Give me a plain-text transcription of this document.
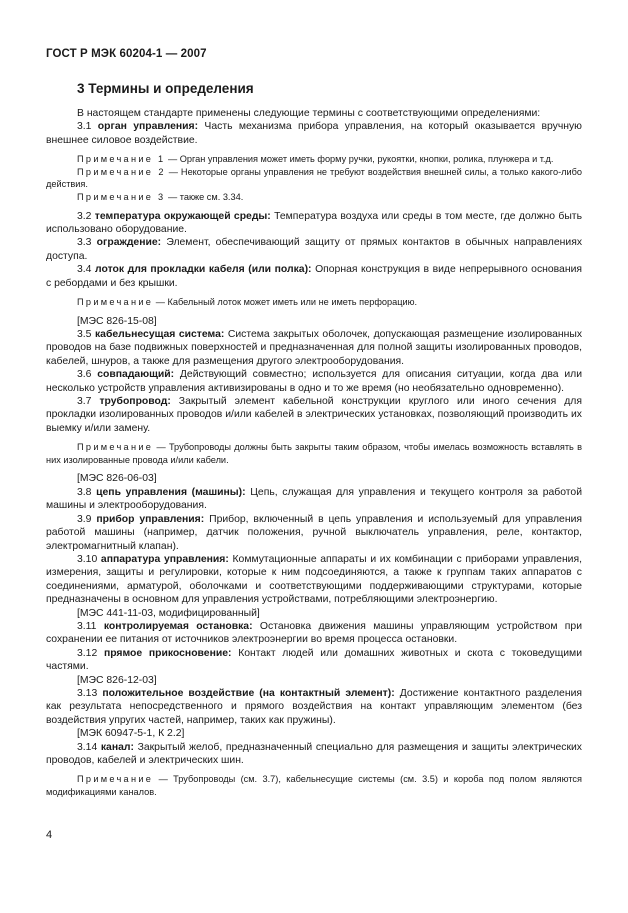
ГОСТ Р МЭК 60204-1 — 2007
3 Термины и определения

В настоящем стандарте применены следующие термины с соответствующими определениями:

3.1 орган управления: Часть механизма прибора управления, на который оказывается вручную внешнее силовое воздействие.

Примечание 1 — Орган управления может иметь форму ручки, рукоятки, кнопки, ролика, плунжера и т.д.

Примечание 2 — Некоторые органы управления не требуют воздействия внешней силы, а только какого-либо действия.

Примечание 3 — также см. 3.34.

3.2 температура окружающей среды: Температура воздуха или среды в том месте, где должно быть использовано оборудование.

3.3 ограждение: Элемент, обеспечивающий защиту от прямых контактов в обычных направлениях доступа.

3.4 лоток для прокладки кабеля (или полка): Опорная конструкция в виде непрерывного основания с ребордами и без крышки.

Примечание — Кабельный лоток может иметь или не иметь перфорацию.

[МЭС 826-15-08]

3.5 кабельнесущая система: Система закрытых оболочек, допускающая размещение изолированных проводов на базе подвижных поверхностей и предназначенная для полной защиты изолированных проводов, кабелей, шнуров, а также для размещения другого электрооборудования.

3.6 совпадающий: Действующий совместно; используется для описания ситуации, когда два или несколько устройств управления активизированы в одно и то же время (но необязательно одновременно).

3.7 трубопровод: Закрытый элемент кабельной конструкции круглого или иного сечения для прокладки изолированных проводов и/или кабелей в электрических установках, позволяющий производить их выемку и/или замену.

Примечание — Трубопроводы должны быть закрыты таким образом, чтобы имелась возможность вставлять в них изолированные провода и/или кабели.

[МЭС 826-06-03]

3.8 цепь управления (машины): Цепь, служащая для управления и текущего контроля за работой машины и электрооборудования.

3.9 прибор управления: Прибор, включенный в цепь управления и используемый для управления работой машины (например, датчик положения, ручной выключатель управления, реле, контактор, электромагнитный клапан).

3.10 аппаратура управления: Коммутационные аппараты и их комбинации с приборами управления, измерения, защиты и регулировки, которые к ним подсоединяются, а также к группам таких аппаратов с соединениями, арматурой, оболочками и соответствующими поддерживающими структурами, которые предназначены в основном для управления устройствами, потребляющими электроэнергию.

[МЭС 441-11-03, модифицированный]

3.11 контролируемая остановка: Остановка движения машины управляющим устройством при сохранении ее питания от источников электроэнергии во время процесса остановки.

3.12 прямое прикосновение: Контакт людей или домашних животных и скота с токоведущими частями.

[МЭС 826-12-03]

3.13 положительное воздействие (на контактный элемент): Достижение контактного разделения как результата непосредственного и прямого воздействия на контакт управляющим элементом (без воздействия упругих частей, например, таких как пружины).

[МЭК 60947-5-1, К 2.2]

3.14 канал: Закрытый желоб, предназначенный специально для размещения и защиты электрических проводов, кабелей и электрических шин.

Примечание — Трубопроводы (см. 3.7), кабельнесущие системы (см. 3.5) и короба под полом являются модификациями каналов.

4
